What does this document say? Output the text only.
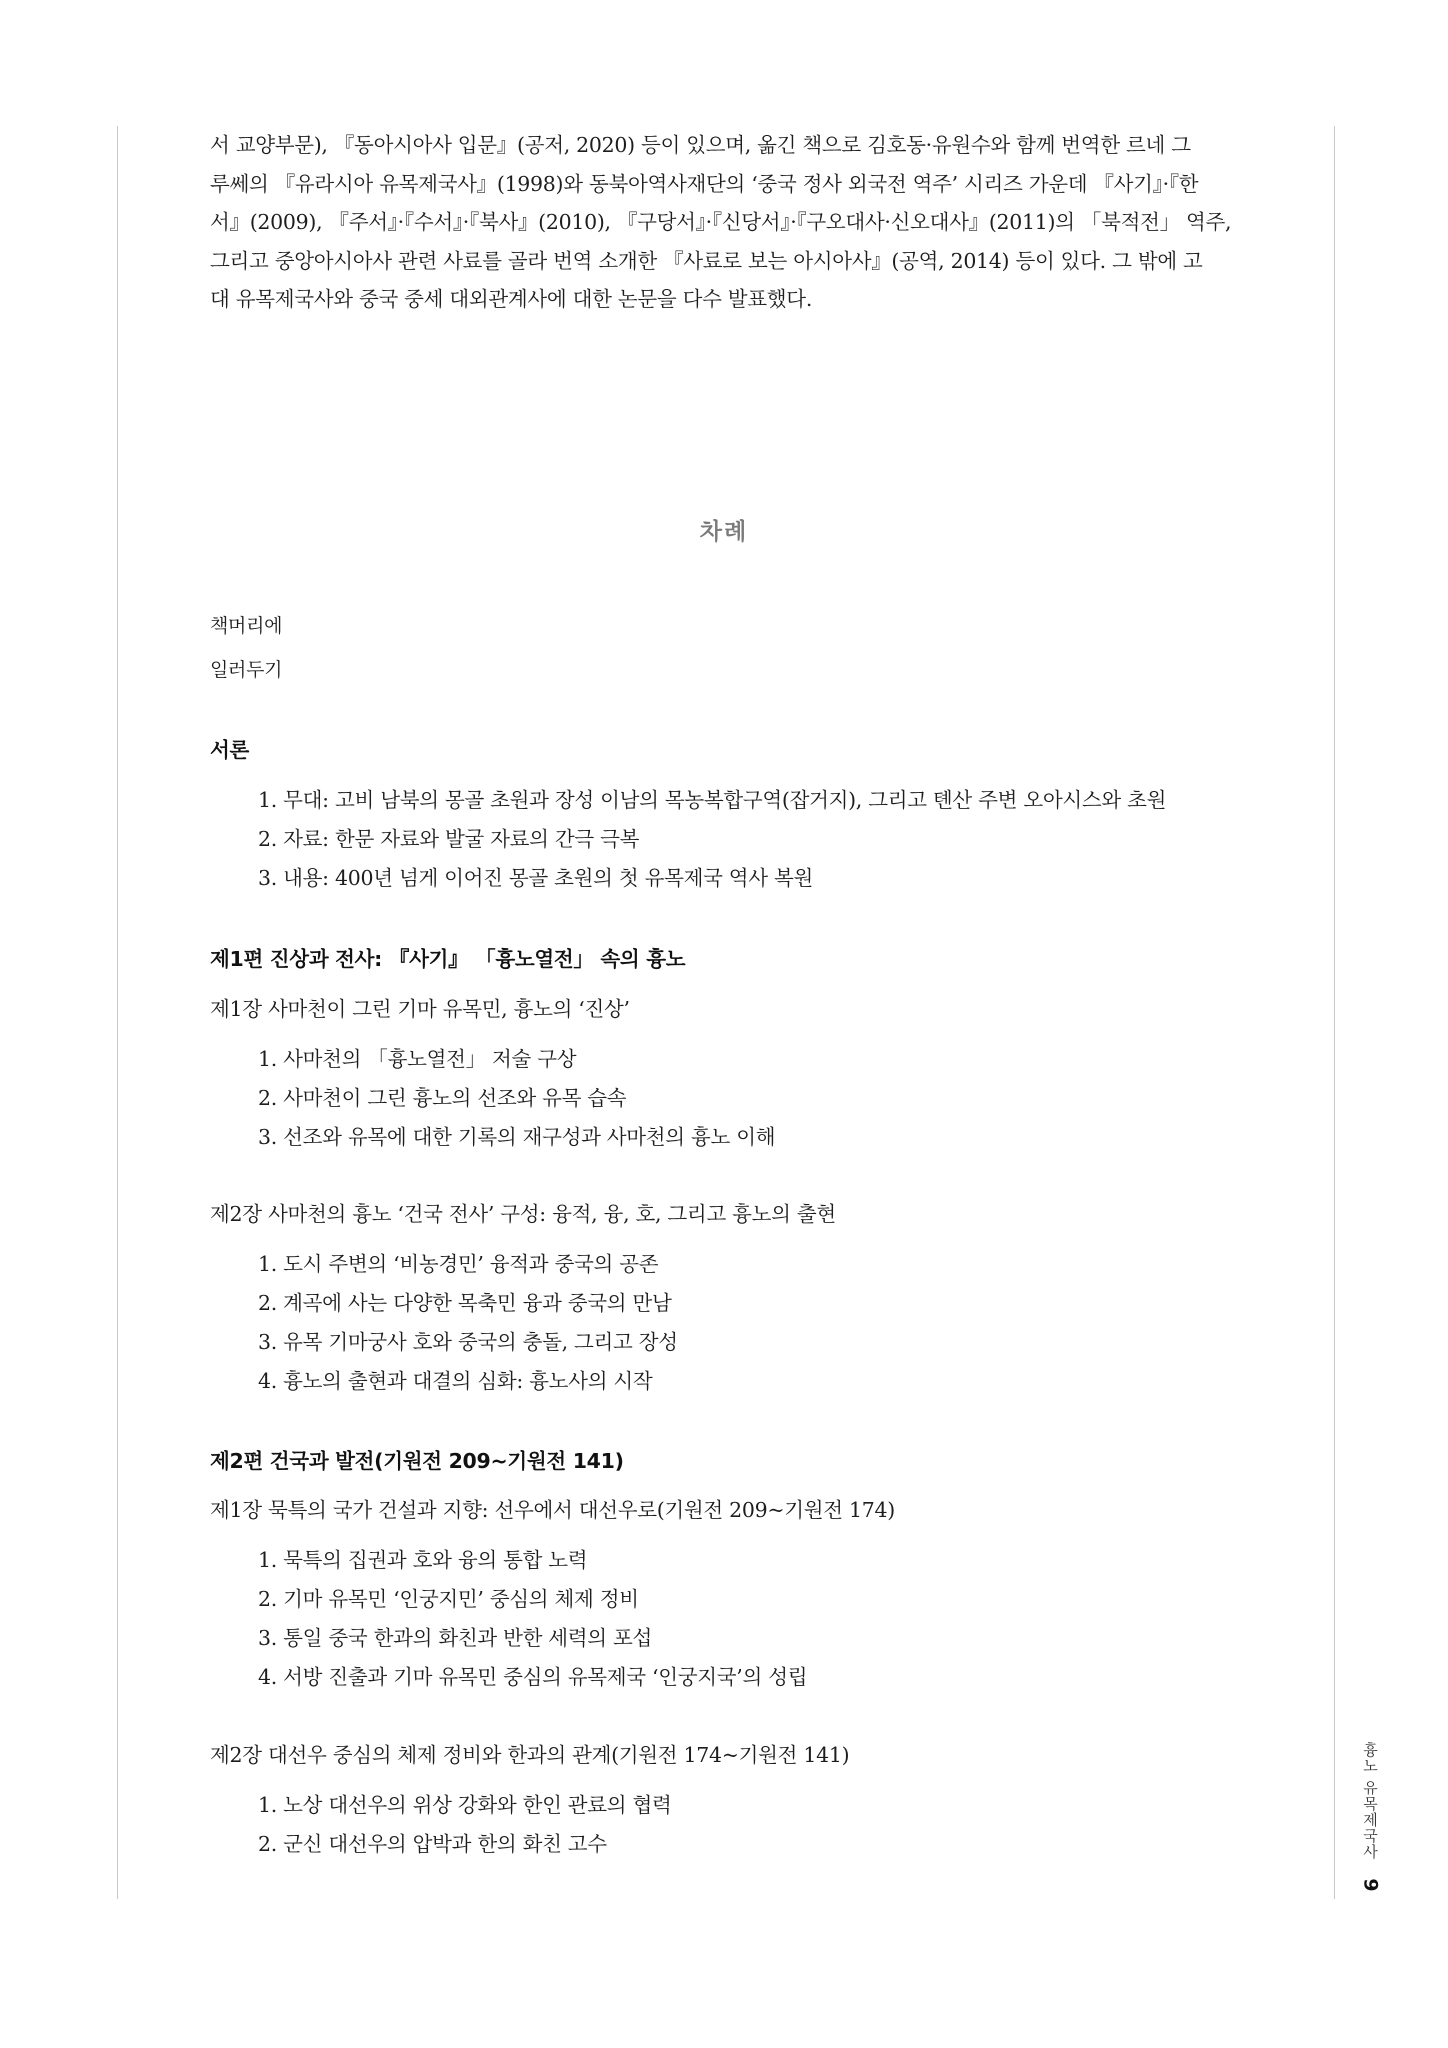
서 교양부문), 『동아시아사 입문』(공저, 2020) 등이 있으며, 옮긴 책으로 김호동·유원수와 함께 번역한 르네 그

루쎄의 『유라시아 유목제국사』(1998)와 동북아역사재단의 ‘중국 정사 외국전 역주’ 시리즈 가운데 『사기』·『한

서』(2009), 『주서』·『수서』·『북사』(2010), 『구당서』·『신당서』·『구오대사·신오대사』(2011)의 「북적전」 역주,

그리고 중앙아시아사 관련 사료를 골라 번역 소개한 『사료로 보는 아시아사』(공역, 2014) 등이 있다. 그 밖에 고

대 유목제국사와 중국 중세 대외관계사에 대한 논문을 다수 발표했다.

차례
책머리에
일러두기
서론
1. 무대: 고비 남북의 몽골 초원과 장성 이남의 목농복합구역(잡거지), 그리고 톈산 주변 오아시스와 초원
2. 자료: 한문 자료와 발굴 자료의 간극 극복
3. 내용: 400년 넘게 이어진 몽골 초원의 첫 유목제국 역사 복원
제1편 진상과 전사: 『사기』 「흉노열전」 속의 흉노
제1장 사마천이 그린 기마 유목민, 흉노의 ‘진상’
1. 사마천의 「흉노열전」 저술 구상
2. 사마천이 그린 흉노의 선조와 유목 습속
3. 선조와 유목에 대한 기록의 재구성과 사마천의 흉노 이해
제2장 사마천의 흉노 ‘건국 전사’ 구성: 융적, 융, 호, 그리고 흉노의 출현
1. 도시 주변의 ‘비농경민’ 융적과 중국의 공존
2. 계곡에 사는 다양한 목축민 융과 중국의 만남
3. 유목 기마궁사 호와 중국의 충돌, 그리고 장성
4. 흉노의 출현과 대결의 심화: 흉노사의 시작
제2편 건국과 발전(기원전 209~기원전 141)
제1장 묵특의 국가 건설과 지향: 선우에서 대선우로(기원전 209~기원전 174)
1. 묵특의 집권과 호와 융의 통합 노력
2. 기마 유목민 ‘인궁지민’ 중심의 체제 정비
3. 통일 중국 한과의 화친과 반한 세력의 포섭
4. 서방 진출과 기마 유목민 중심의 유목제국 ‘인궁지국’의 성립
제2장 대선우 중심의 체제 정비와 한과의 관계(기원전 174~기원전 141)
1. 노상 대선우의 위상 강화와 한인 관료의 협력
2. 군신 대선우의 압박과 한의 화친 고수	흉노 유목제국사
9
